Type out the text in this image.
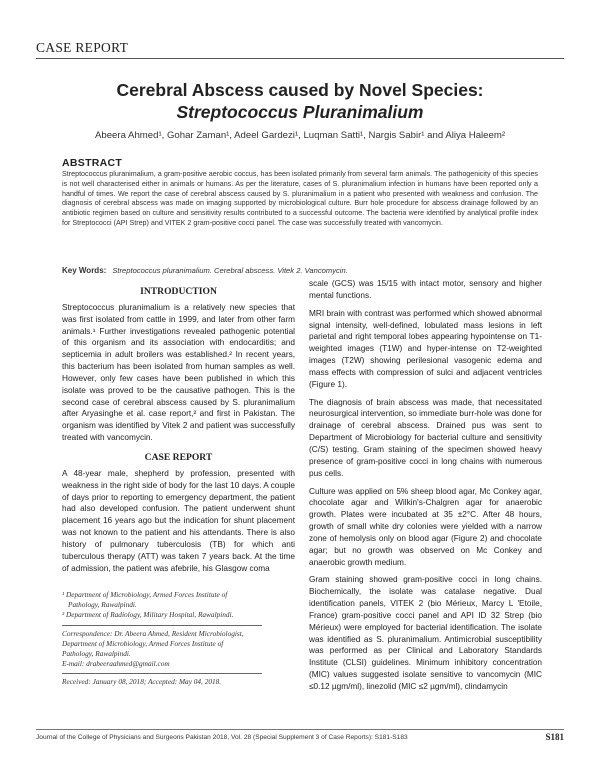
CASE REPORT
Cerebral Abscess caused by Novel Species:
Streptococcus Pluranimalium
Abeera Ahmed¹, Gohar Zaman¹, Adeel Gardezi¹, Luqman Satti¹, Nargis Sabir¹ and Aliya Haleem²
ABSTRACT
Streptococcus pluranimalium, a gram-positive aerobic coccus, has been isolated primarily from several farm animals. The pathogenicity of this species is not well characterised either in animals or humans. As per the literature, cases of S. pluranimalium infection in humans have been reported only a handful of times. We report the case of cerebral abscess caused by S. pluranimalium in a patient who presented with weakness and confusion. The diagnosis of cerebral abscess was made on imaging supported by microbiological culture. Burr hole procedure for abscess drainage followed by an antibiotic regimen based on culture and sensitivity results contributed to a successful outcome. The bacteria were identified by analytical profile index for Streptococci (API Strep) and VITEK 2 gram-positive cocci panel. The case was successfully treated with vancomycin.
Key Words: Streptococcus pluranimalium. Cerebral abscess. Vitek 2. Vancomycin.
INTRODUCTION

Streptococcus pluranimalium is a relatively new species that was first isolated from cattle in 1999, and later from other farm animals.¹ Further investigations revealed pathogenic potential of this organism and its association with endocarditis; and septicemia in adult broilers was established.² In recent years, this bacterium has been isolated from human samples as well. However, only few cases have been published in which this isolate was proved to be the causative pathogen. This is the second case of cerebral abscess caused by S. pluranimalium after Aryasinghe et al. case report,² and first in Pakistan. The organism was identified by Vitek 2 and patient was successfully treated with vancomycin.

CASE REPORT

A 48-year male, shepherd by profession, presented with weakness in the right side of body for the last 10 days. A couple of days prior to reporting to emergency department, the patient had also developed confusion. The patient underwent shunt placement 16 years ago but the indication for shunt placement was not known to the patient and his attendants. There is also history of pulmonary tuberculosis (TB) for which anti tuberculous therapy (ATT) was taken 7 years back. At the time of admission, the patient was afebrile, his Glasgow coma

¹ Department of Microbiology, Armed Forces Institute of
Pathology, Rawalpindi.
² Department of Radiology, Military Hospital, Rawalpindi.
Correspondence: Dr. Abeera Ahmed, Resident Microbiologist,
Department of Microbiology, Armed Forces Institute of
Pathology, Rawalpindi.
E-mail: drabeeraahmed@gmail.com
Received: January 08, 2018; Accepted: May 04, 2018.

scale (GCS) was 15/15 with intact motor, sensory and higher mental functions.

MRI brain with contrast was performed which showed abnormal signal intensity, well-defined, lobulated mass lesions in left parietal and right temporal lobes appearing hypointense on T1-weighted images (T1W) and hyper-intense on T2-weighted images (T2W) showing perilesional vasogenic edema and mass effects with compression of sulci and adjacent ventricles (Figure 1).

The diagnosis of brain abscess was made, that necessitated neurosurgical intervention, so immediate burr-hole was done for drainage of cerebral abscess. Drained pus was sent to Department of Microbiology for bacterial culture and sensitivity (C/S) testing. Gram staining of the specimen showed heavy presence of gram-positive cocci in long chains with numerous pus cells.

Culture was applied on 5% sheep blood agar, Mc Conkey agar, chocolate agar and Wilkin's-Chalgren agar for anaerobic growth. Plates were incubated at 35 ±2°C. After 48 hours, growth of small white dry colonies were yielded with a narrow zone of hemolysis only on blood agar (Figure 2) and chocolate agar; but no growth was observed on Mc Conkey and anaerobic growth medium.

Gram staining showed gram-positive cocci in long chains. Biochemically, the isolate was catalase negative. Dual identification panels, VITEK 2 (bio Mérieux, Marcy L 'Etoile, France) gram-positive cocci panel and API ID 32 Strep (bio Mérieux) were employed for bacterial identification. The isolate was identified as S. pluranimalium. Antimicrobial susceptibility was performed as per Clinical and Laboratory Standards Institute (CLSI) guidelines. Minimum inhibitory concentration (MIC) values suggested isolate sensitive to vancomycin (MIC ≤0.12 µgm/ml), linezolid (MIC ≤2 µgm/ml), clindamycin

Journal of the College of Physicians and Surgeons Pakistan 2018, Vol. 28 (Special Supplement 3 of Case Reports): S181-S183	S181
